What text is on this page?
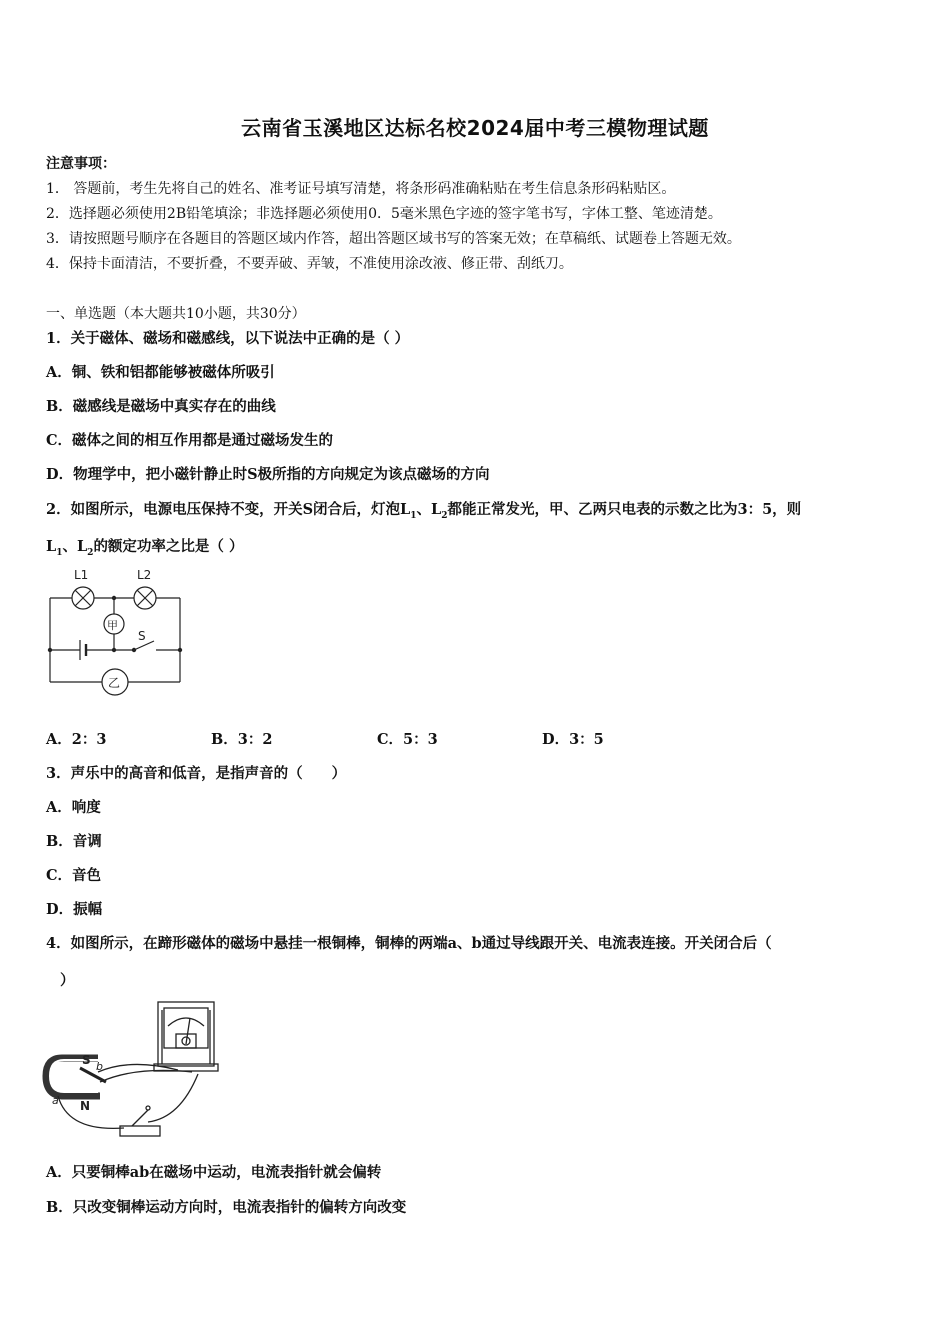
云南省玉溪地区达标名校2024届中考三模物理试题
注意事项：
1． 答题前，考生先将自己的姓名、准考证号填写清楚，将条形码准确粘贴在考生信息条形码粘贴区。
2．选择题必须使用2B铅笔填涂；非选择题必须使用0．5毫米黑色字迹的签字笔书写，字体工整、笔迹清楚。
3．请按照题号顺序在各题目的答题区域内作答，超出答题区域书写的答案无效；在草稿纸、试题卷上答题无效。
4．保持卡面清洁，不要折叠，不要弄破、弄皱，不准使用涂改液、修正带、刮纸刀。
一、单选题（本大题共10小题，共30分）
1．关于磁体、磁场和磁感线，以下说法中正确的是（ ）
A．铜、铁和铝都能够被磁体所吸引
B．磁感线是磁场中真实存在的曲线
C．磁体之间的相互作用都是通过磁场发生的
D．物理学中，把小磁针静止时S极所指的方向规定为该点磁场的方向
2．如图所示，电源电压保持不变，开关S闭合后，灯泡$L_1$、$L_2$都能正常发光，甲、乙两只电表的示数之比为3：5，则
$L_1$、$L_2$的额定功率之比是（ ）
L1	L2
甲
乙
S
A．2：3	B．3：2	C．5：3	D．3：5
3．声乐中的高音和低音，是指声音的（　　）
A．响度
B．音调
C．音色
D．振幅
4．如图所示，在蹄形磁体的磁场中悬挂一根铜棒，铜棒的两端a、b通过导线跟开关、电流表连接。开关闭合后（
）
S b
a N
A．只要铜棒ab在磁场中运动，电流表指针就会偏转
B．只改变铜棒运动方向时，电流表指针的偏转方向改变
